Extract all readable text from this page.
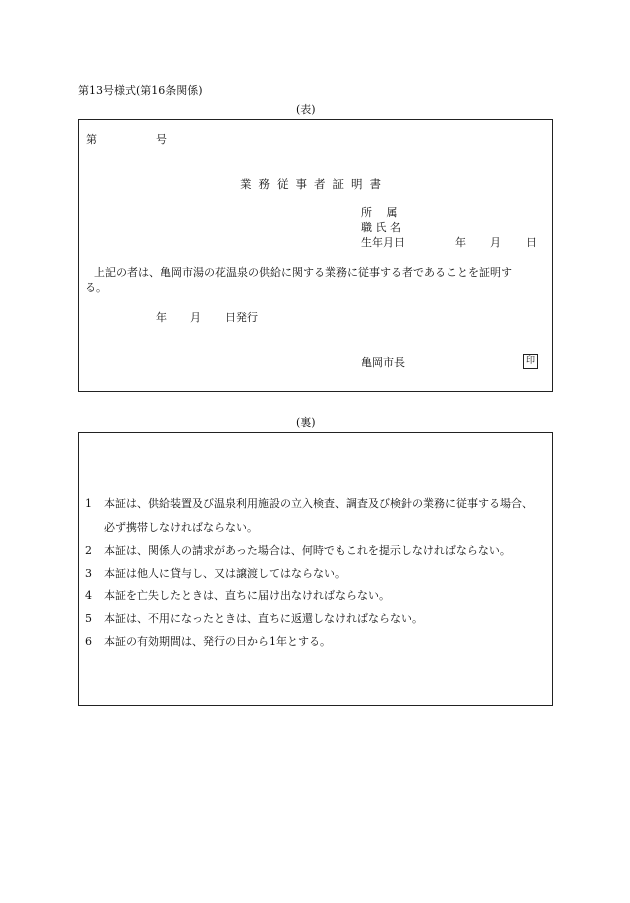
第13号様式(第16条関係)
(表)
第	号
業務従事者証明書
所　 属
職 氏 名
生年月日	年 月 日
上記の者は、亀岡市湯の花温泉の供給に関する業務に従事する者であることを証明す
る。
年 月 日発行
亀岡市長	印
(裏)
1 本証は、供給装置及び温泉利用施設の立入検査、調査及び検針の業務に従事する場合、
必ず携帯しなければならない。
2 本証は、関係人の請求があった場合は、何時でもこれを提示しなければならない。
3 本証は他人に貸与し、又は譲渡してはならない。
4 本証を亡失したときは、直ちに届け出なければならない。
5 本証は、不用になったときは、直ちに返還しなければならない。
6 本証の有効期間は、発行の日から1年とする。
